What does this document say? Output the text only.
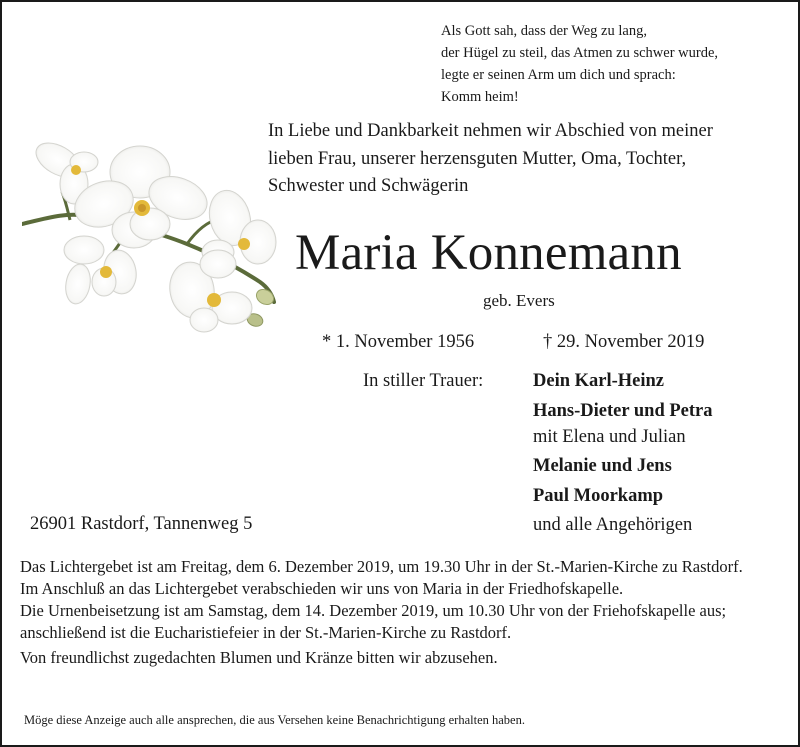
Als Gott sah, dass der Weg zu lang,
der Hügel zu steil, das Atmen zu schwer wurde,
legte er seinen Arm um dich und sprach:
Komm heim!
In Liebe und Dankbarkeit nehmen wir Abschied von meiner
lieben Frau, unserer herzensguten Mutter, Oma, Tochter,
Schwester und Schwägerin
Maria Konnemann
geb. Evers
* 1. November 1956	† 29. November 2019
In stiller Trauer:	Dein Karl-Heinz
Hans-Dieter und Petra
mit Elena und Julian
Melanie und Jens
Paul Moorkamp
und alle Angehörigen
26901 Rastdorf, Tannenweg 5

Das Lichtergebet ist am Freitag, dem 6. Dezember 2019, um 19.30 Uhr in der St.-Marien-Kirche zu Rastdorf.

Im Anschluß an das Lichtergebet verabschieden wir uns von Maria in der Friedhofskapelle.

Die Urnenbeisetzung ist am Samstag, dem 14. Dezember 2019, um 10.30 Uhr von der Friehofskapelle aus; anschließend ist die Eucharistiefeier in der St.-Marien-Kirche zu Rastdorf.

Von freundlichst zugedachten Blumen und Kränze bitten wir abzusehen.

Möge diese Anzeige auch alle ansprechen, die aus Versehen keine Benachrichtigung erhalten haben.
